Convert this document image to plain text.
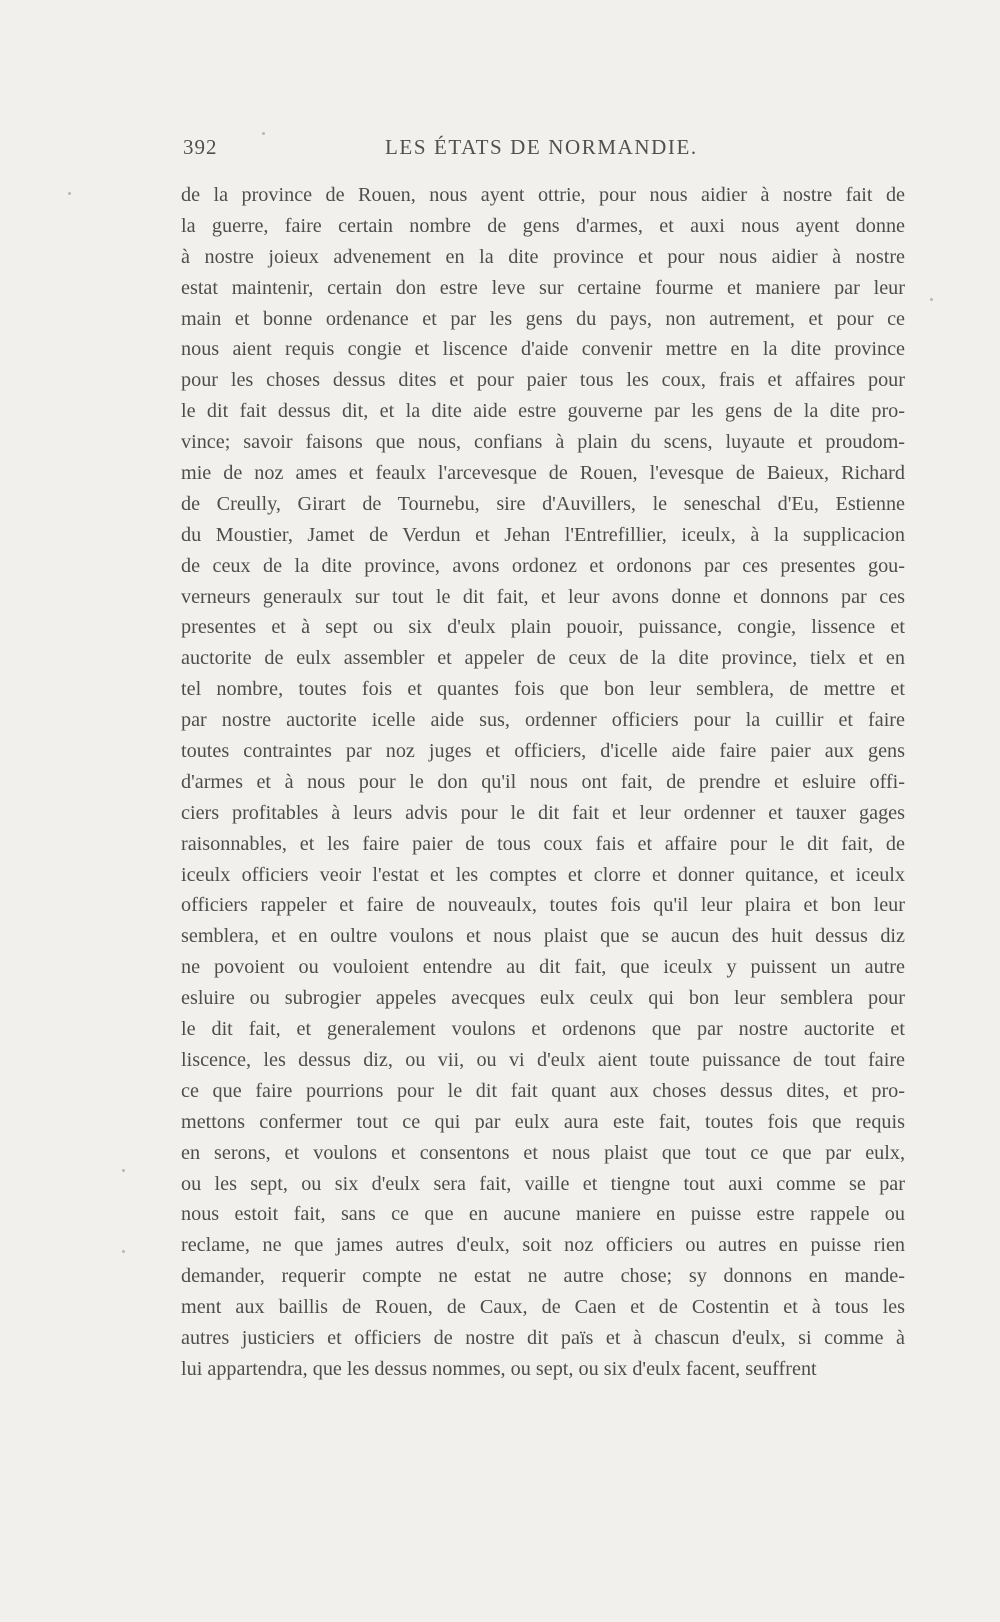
392	LES ÉTATS DE NORMANDIE.
de la province de Rouen, nous ayent ottrie, pour nous aidier à nostre fait de
la guerre, faire certain nombre de gens d'armes, et auxi nous ayent donne
à nostre joieux advenement en la dite province et pour nous aidier à nostre
estat maintenir, certain don estre leve sur certaine fourme et maniere par leur
main et bonne ordenance et par les gens du pays, non autrement, et pour ce
nous aient requis congie et liscence d'aide convenir mettre en la dite province
pour les choses dessus dites et pour paier tous les coux, frais et affaires pour
le dit fait dessus dit, et la dite aide estre gouverne par les gens de la dite pro-
vince; savoir faisons que nous, confians à plain du scens, luyaute et proudom-
mie de noz ames et feaulx l'arcevesque de Rouen, l'evesque de Baieux, Richard
de Creully, Girart de Tournebu, sire d'Auvillers, le seneschal d'Eu, Estienne
du Moustier, Jamet de Verdun et Jehan l'Entrefillier, iceulx, à la supplicacion
de ceux de la dite province, avons ordonez et ordonons par ces presentes gou-
verneurs generaulx sur tout le dit fait, et leur avons donne et donnons par ces
presentes et à sept ou six d'eulx plain pouoir, puissance, congie, lissence et
auctorite de eulx assembler et appeler de ceux de la dite province, tielx et en
tel nombre, toutes fois et quantes fois que bon leur semblera, de mettre et
par nostre auctorite icelle aide sus, ordenner officiers pour la cuillir et faire
toutes contraintes par noz juges et officiers, d'icelle aide faire paier aux gens
d'armes et à nous pour le don qu'il nous ont fait, de prendre et esluire offi-
ciers profitables à leurs advis pour le dit fait et leur ordenner et tauxer gages
raisonnables, et les faire paier de tous coux fais et affaire pour le dit fait, de
iceulx officiers veoir l'estat et les comptes et clorre et donner quitance, et iceulx
officiers rappeler et faire de nouveaulx, toutes fois qu'il leur plaira et bon leur
semblera, et en oultre voulons et nous plaist que se aucun des huit dessus diz
ne povoient ou vouloient entendre au dit fait, que iceulx y puissent un autre
esluire ou subrogier appeles avecques eulx ceulx qui bon leur semblera pour
le dit fait, et generalement voulons et ordenons que par nostre auctorite et
liscence, les dessus diz, ou vii, ou vi d'eulx aient toute puissance de tout faire
ce que faire pourrions pour le dit fait quant aux choses dessus dites, et pro-
mettons confermer tout ce qui par eulx aura este fait, toutes fois que requis
en serons, et voulons et consentons et nous plaist que tout ce que par eulx,
ou les sept, ou six d'eulx sera fait, vaille et tiengne tout auxi comme se par
nous estoit fait, sans ce que en aucune maniere en puisse estre rappele ou
reclame, ne que james autres d'eulx, soit noz officiers ou autres en puisse rien
demander, requerir compte ne estat ne autre chose; sy donnons en mande-
ment aux baillis de Rouen, de Caux, de Caen et de Costentin et à tous les
autres justiciers et officiers de nostre dit païs et à chascun d'eulx, si comme à
lui appartendra, que les dessus nommes, ou sept, ou six d'eulx facent, seuffrent
